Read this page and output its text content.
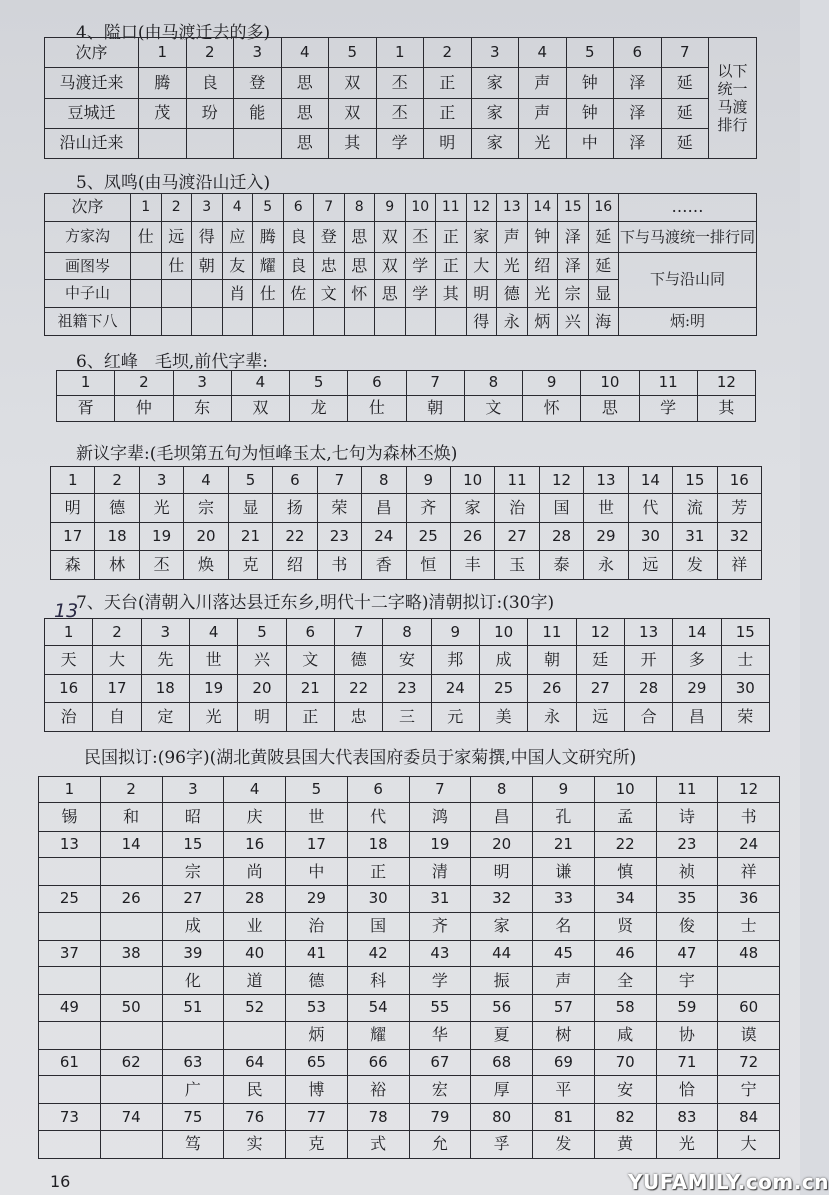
4、隘口(由马渡迁去的多)
次序	1	2	3	4	5	1	2	3	4	5	6	7	以下统一马渡排行
马渡迁来	腾	良	登	思	双	丕	正	家	声	钟	泽	延	
豆城迁	茂	玢	能	思	双	丕	正	家	声	钟	泽	延	
沿山迁来				思	其	学	明	家	光	中	泽	延	
5、凤鸣(由马渡沿山迁入)
次序	1	2	3	4	5	6	7	8	9	10	11	12	13	14	15	16	……
方家沟	仕	远	得	应	腾	良	登	思	双	丕	正	家	声	钟	泽	延	下与马渡统一排行同
画图岑		仕	朝	友	耀	良	忠	思	双	学	正	大	光	绍	泽	延	下与沿山同
中子山				肖	仕	佐	文	怀	思	学	其	明	德	光	宗	显	
祖籍下八												得	永	炳	兴	海	炳:明
6、红峰　毛坝,前代字辈:
1	2	3	4	5	6	7	8	9	10	11	12
胥	仲	东	双	龙	仕	朝	文	怀	思	学	其
新议字辈:(毛坝第五句为恒峰玉太,七句为森林丕焕)
1	2	3	4	5	6	7	8	9	10	11	12	13	14	15	16
明	德	光	宗	显	扬	荣	昌	齐	家	治	国	世	代	流	芳
17	18	19	20	21	22	23	24	25	26	27	28	29	30	31	32
森	林	丕	焕	克	绍	书	香	恒	丰	玉	泰	永	远	发	祥
13
7、天台(清朝入川落达县迁东乡,明代十二字略)清朝拟订:(30字)
1	2	3	4	5	6	7	8	9	10	11	12	13	14	15
天	大	先	世	兴	文	德	安	邦	成	朝	廷	开	多	士
16	17	18	19	20	21	22	23	24	25	26	27	28	29	30
治	自	定	光	明	正	忠	三	元	美	永	远	合	昌	荣
民国拟订:(96字)(湖北黄陂县国大代表国府委员于家菊撰,中国人文研究所)
1	2	3	4	5	6	7	8	9	10	11	12
锡	和	昭	庆	世	代	鸿	昌	孔	孟	诗	书
13	14	15	16	17	18	19	20	21	22	23	24
		宗	尚	中	正	清	明	谦	慎	祯	祥
25	26	27	28	29	30	31	32	33	34	35	36
		成	业	治	国	齐	家	名	贤	俊	士
37	38	39	40	41	42	43	44	45	46	47	48
		化	道	德	科	学	振	声	全	宇	
49	50	51	52	53	54	55	56	57	58	59	60
				炳	耀	华	夏	树	咸	协	谟
61	62	63	64	65	66	67	68	69	70	71	72
		广	民	博	裕	宏	厚	平	安	恰	宁
73	74	75	76	77	78	79	80	81	82	83	84
		笃	实	克	式	允	孚	发	黄	光	大
16	YUFAMILY.com.cn
